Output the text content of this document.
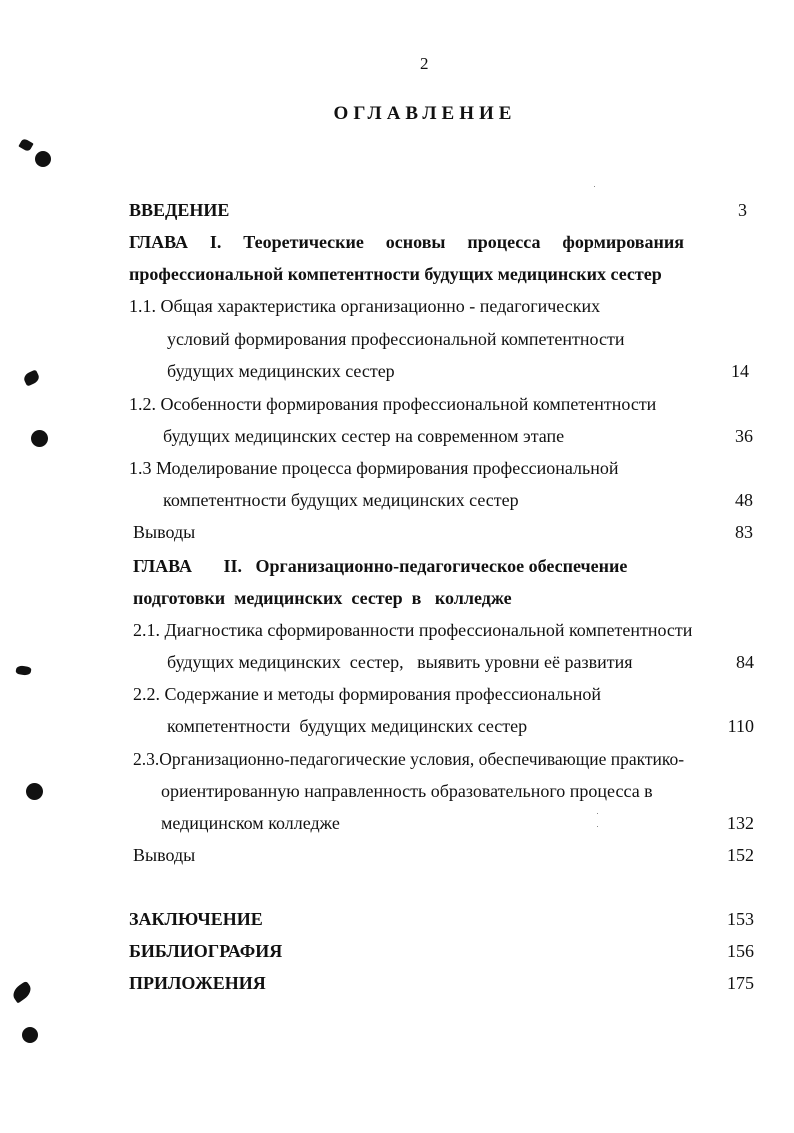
2
ОГЛАВЛЕНИЕ
ВВЕДЕНИЕ	3
ГЛАВА I. Теоретические основы процесса формирования
профессиональной компетентности будущих медицинских сестер
1.1. Общая характеристика организационно - педагогических
условий формирования профессиональной компетентности
будущих медицинских сестер	14
1.2. Особенности формирования профессиональной компетентности
будущих медицинских сестер на современном этапе	36
1.3 Моделирование процесса формирования профессиональной
компетентности будущих медицинских сестер	48
Выводы	83
ГЛАВА       II.   Организационно-педагогическое обеспечение
подготовки  медицинских  сестер  в   колледже
2.1. Диагностика сформированности профессиональной компетентности
будущих медицинских  сестер,   выявить уровни её развития	84
2.2. Содержание и методы формирования профессиональной
компетентности  будущих медицинских сестер	110
2.3.Организационно-педагогические условия, обеспечивающие практико-
ориентированную направленность образовательного процесса в
медицинском колледже	132
Выводы	152
ЗАКЛЮЧЕНИЕ	153
БИБЛИОГРАФИЯ	156
ПРИЛОЖЕНИЯ	175
